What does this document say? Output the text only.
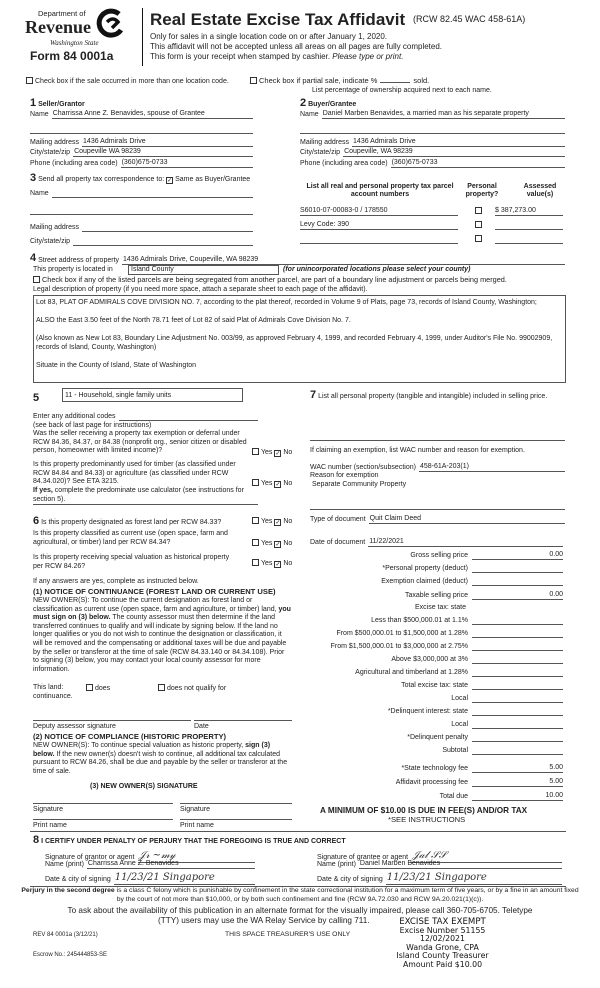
Department of
Revenue
Washington State
Form 84 0001a
Real Estate Excise Tax Affidavit (RCW 82.45 WAC 458-61A)
Only for sales in a single location code on or after January 1, 2020.
This affidavit will not be accepted unless all areas on all pages are fully completed.
This form is your receipt when stamped by cashier. Please type or print.
Check box if the sale occurred in more than one location code.	Check box if partial sale, indicate %	sold.
List percentage of ownership acquired next to each name.
1 Seller/Grantor
Name Charrissa Anne Z. Benavides, spouse of Grantee
Mailing address 1436 Admirals Drive
City/state/zip Coupeville WA 98239
Phone (including area code) (360)675-0733
2 Buyer/Grantee
Name Daniel Marben Benavides, a married man as his separate property
Mailing address 1436 Admirals Drive
City/state/zip Coupeville, WA 98239
Phone (including area code) (360)675-0733
3 Send all property tax correspondence to: ✓ Same as Buyer/Grantee
Name
Mailing address
City/state/zip
List all real and personal property tax parcel account numbers
Personal property?
Assessed value(s)
S6010-07-00083-0 / 178550	$ 387,273.00
Levy Code: 390
4
Street address of property 1436 Admirals Drive, Coupeville, WA 98239
This property is located in	Island County	(for unincorporated locations please select your county)
Check box if any of the listed parcels are being segregated from another parcel, are part of a boundary line adjustment or parcels being merged.
Legal description of property (if you need more space, attach a separate sheet to each page of the affidavit).
Lot 83, PLAT OF ADMIRALS COVE DIVISION NO. 7, according to the plat thereof, recorded in Volume 9 of Plats, page 73, records of Island County, Washington;

ALSO the East 3.50 feet of the North 78.71 feet of Lot 82 of said Plat of Admirals Cove Division No. 7.

(Also known as New Lot 83, Boundary Line Adjustment No. 003/99, as approved February 4, 1999, and recorded February 4, 1999, under Auditor's File No. 99002909, records of Island, County, Washington)

Situate in the County of Island, State of Washington
5	11 - Household, single family units
Enter any additional codes
(see back of last page for instructions)
Was the seller receiving a property tax exemption or deferral under RCW 84.36, 84.37, or 84.38 (nonprofit org., senior citizen or disabled person, homeowner with limited income)?	Yes ✓ No
Is this property predominantly used for timber (as classified under RCW 84.84 and 84.33) or agriculture (as classified under RCW 84.34.020)? See ETA 3215.	Yes ✓ No
If yes, complete the predominate use calculator (see instructions for section 5).
7 List all personal property (tangible and intangible) included in selling price.
If claiming an exemption, list WAC number and reason for exemption.
WAC number (section/subsection) 458-61A-203(1)
Reason for exemption
Separate Community Property
Type of document Quit Claim Deed
Date of document 11/22/2021
6 Is this property designated as forest land per RCW 84.33?	Yes ✓ No
Is this property classified as current use (open space, farm and agricultural, or timber) land per RCW 84.34?	Yes ✓ No
Is this property receiving special valuation as historical property per RCW 84.26?	Yes ✓ No
If any answers are yes, complete as instructed below.
(1) NOTICE OF CONTINUANCE (FOREST LAND OR CURRENT USE)
NEW OWNER(S): To continue the current designation as forest land or classification as current use (open space, farm and agriculture, or timber) land, you must sign on (3) below. The county assessor must then determine if the land transferred continues to qualify and will indicate by signing below. If the land no longer qualifies or you do not wish to continue the designation or classification, it will be removed and the compensating or additional taxes will be due and payable by the seller or transferor at the time of sale (RCW 84.33.140 or 84.34.108). Prior to signing (3) below, you may contact your local county assessor for more information.
This land:	does	does not qualify for
continuance.
Deputy assessor signature	Date
(2) NOTICE OF COMPLIANCE (HISTORIC PROPERTY)
NEW OWNER(S): To continue special valuation as historic property, sign (3) below. If the new owner(s) doesn't wish to continue, all additional tax calculated pursuant to RCW 84.26, shall be due and payable by the seller or transferor at the time of sale.
(3) NEW OWNER(S) SIGNATURE
Signature	Signature
Print name	Print name
Gross selling price	0.00
*Personal property (deduct)
Exemption claimed (deduct)
Taxable selling price	0.00
Excise tax: state
Less than $500,000.01 at 1.1%
From $500,000.01 to $1,500,000 at 1.28%
From $1,500,000.01 to $3,000,000 at 2.75%
Above $3,000,000 at 3%
Agricultural and timberland at 1.28%
Total excise tax: state
Local
*Delinquent interest: state
Local
*Delinquent penalty
Subtotal
*State technology fee	5.00
Affidavit processing fee	5.00
Total due	10.00
A MINIMUM OF $10.00 IS DUE IN FEE(S) AND/OR TAX
*SEE INSTRUCTIONS
8 I CERTIFY UNDER PENALTY OF PERJURY THAT THE FOREGOING IS TRUE AND CORRECT
Signature of grantor or agent 𝒥𝓇 ~𝓂𝓎
Name (print) Charrissa Anne Z. Benavides
Date & city of signing 11/23/21 Singapore
Signature of grantee or agent 𝒥𝒶𝓁 𝒮𝒮
Name (print) Daniel Marben Benavides
Date & city of signing 11/23/21 Singapore
Perjury in the second degree is a class C felony which is punishable by confinement in the state correctional institution for a maximum term of five years, or by a fine in an amount fixed by the court of not more than $10,000, or by both such confinement and fine (RCW 9A.72.030 and RCW 9A.20.021(1)(c)).
To ask about the availability of this publication in an alternate format for the visually impaired, please call 360-705-6705. Teletype
(TTY) users may use the WA Relay Service by calling 711.
REV 84 0001a (3/12/21)	THIS SPACE TREASURER'S USE ONLY
Escrow No.: 245444853-SE
EXCISE TAX EXEMPT
Excise Number 51155
12/02/2021
Wanda Grone, CPA
Island County Treasurer
Amount Paid $10.00
